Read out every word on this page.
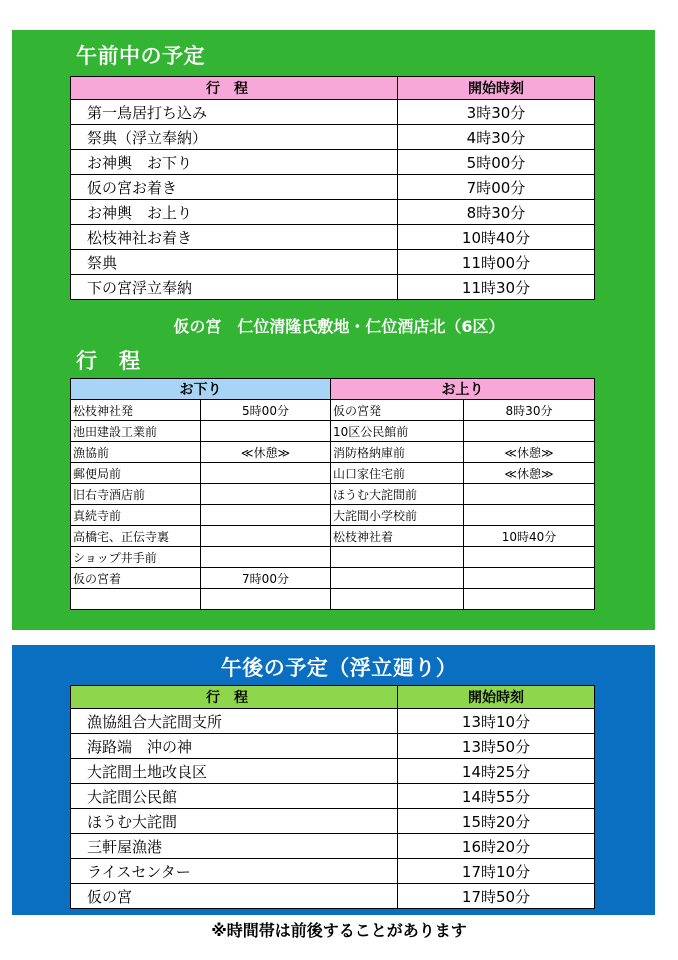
午前中の予定
行程	開始時刻
第一鳥居打ち込み	3時30分
祭典（浮立奉納）	4時30分
お神輿　お下り	5時00分
仮の宮お着き	7時00分
お神輿　お上り	8時30分
松枝神社お着き	10時40分
祭典	11時00分
下の宮浮立奉納	11時30分
仮の宮　仁位清隆氏敷地・仁位酒店北（6区）
行程
お下り		お上り	
松枝神社発	5時00分	仮の宮発	8時30分
池田建設工業前		10区公民館前	
漁協前	≪休憩≫	消防格納庫前	≪休憩≫
郵便局前		山口家住宅前	≪休憩≫
旧右寺酒店前		ほうむ大詫間前	
真続寺前		大詫間小学校前	
高橋宅、正伝寺裏		松枝神社着	10時40分
ショップ井手前			
仮の宮着	7時00分		

午後の予定（浮立廻り）
行程	開始時刻
漁協組合大詫間支所	13時10分
海路端　沖の神	13時50分
大詫間土地改良区	14時25分
大詫間公民館	14時55分
ほうむ大詫間	15時20分
三軒屋漁港	16時20分
ライスセンター	17時10分
仮の宮	17時50分
※時間帯は前後することがあります
